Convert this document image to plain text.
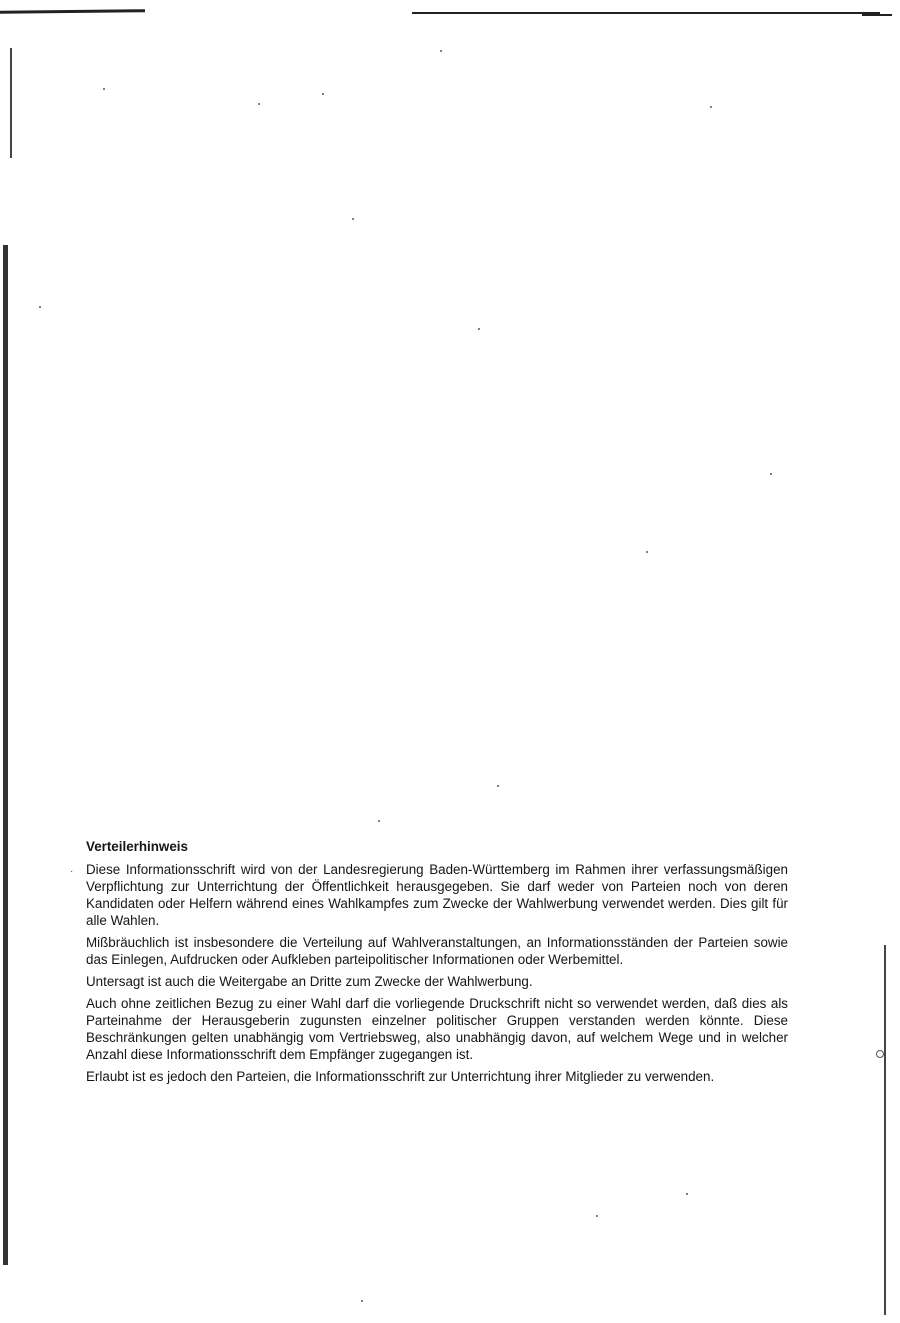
·
Verteilerhinweis

Diese Informationsschrift wird von der Landesregierung Baden-Württemberg im Rahmen ihrer verfassungsmäßigen Verpflichtung zur Unterrichtung der Öffentlichkeit herausgegeben. Sie darf weder von Parteien noch von deren Kandidaten oder Helfern während eines Wahlkampfes zum Zwecke der Wahlwerbung verwendet werden. Dies gilt für alle Wahlen.

Mißbräuchlich ist insbesondere die Verteilung auf Wahlveranstaltungen, an Informationsständen der Parteien sowie das Einlegen, Aufdrucken oder Aufkleben parteipolitischer Informationen oder Werbemittel.

Untersagt ist auch die Weitergabe an Dritte zum Zwecke der Wahlwerbung.

Auch ohne zeitlichen Bezug zu einer Wahl darf die vorliegende Druckschrift nicht so verwendet werden, daß dies als Parteinahme der Herausgeberin zugunsten einzelner politischer Gruppen verstanden werden könnte. Diese Beschränkungen gelten unabhängig vom Vertriebsweg, also unabhängig davon, auf welchem Wege und in welcher Anzahl diese Informationsschrift dem Empfänger zugegangen ist.

Erlaubt ist es jedoch den Parteien, die Informationsschrift zur Unterrichtung ihrer Mitglieder zu verwenden.
